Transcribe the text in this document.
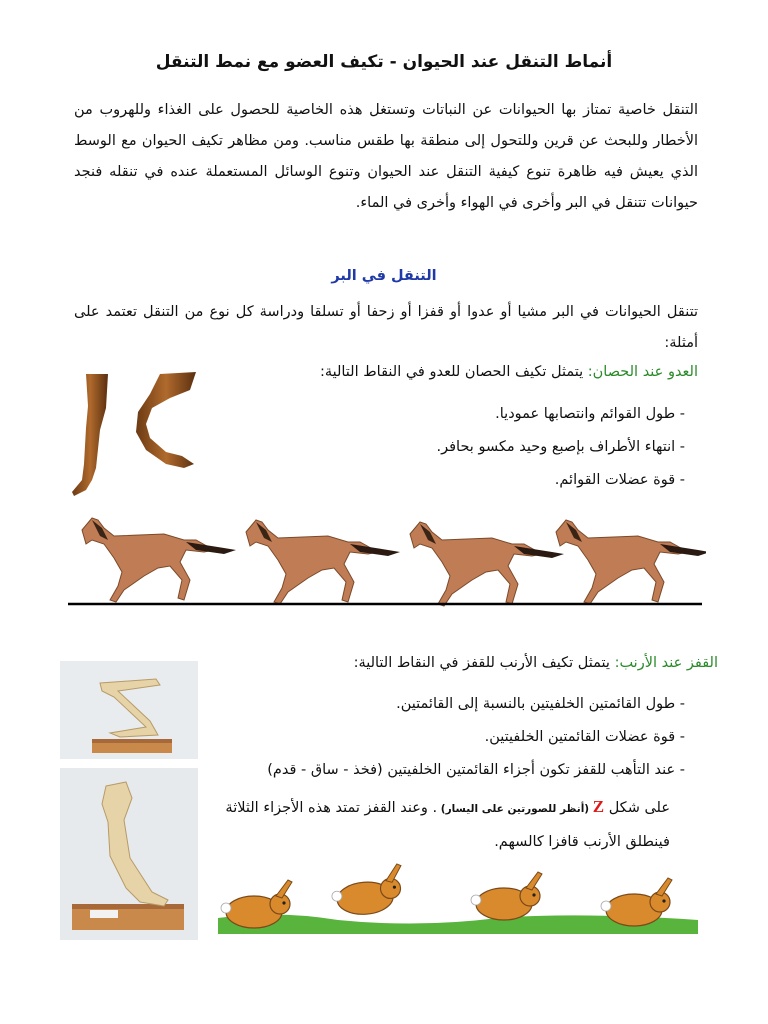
أنماط التنقل عند الحيوان - تكيف العضو مع نمط التنقل
التنقل خاصية تمتاز بها الحيوانات عن النباتات وتستغل هذه الخاصية للحصول على الغذاء وللهروب من الأخطار وللبحث عن قرين وللتحول إلى منطقة بها طقس مناسب. ومن مظاهر تكيف الحيوان مع الوسط الذي يعيش فيه ظاهرة تنوع كيفية التنقل عند الحيوان وتنوع الوسائل المستعملة عنده في تنقله فنجد حيوانات تتنقل في البر وأخرى في الهواء وأخرى في الماء.
التنقل في البر
تتنقل الحيوانات في البر مشيا أو عدوا أو قفزا أو زحفا أو تسلقا ودراسة كل نوع من التنقل تعتمد على أمثلة:
العدو عند الحصان: يتمثل تكيف الحصان للعدو في النقاط التالية:
- طول القوائم وانتصابها عموديا.
- انتهاء الأطراف بإصبع وحيد مكسو بحافر.
- قوة عضلات القوائم.
القفز عند الأرنب: يتمثل تكيف الأرنب للقفز في النقاط التالية:
- طول القائمتين الخلفيتين بالنسبة إلى القائمتين.
- قوة عضلات القائمتين الخلفيتين.
- عند التأهب للقفز تكون أجزاء القائمتين الخلفيتين (فخذ - ساق - قدم)
على شكل Z (أنظر للصورتين على اليسار) . وعند القفز تمتد هذه الأجزاء الثلاثة فينطلق الأرنب قافزا كالسهم.
